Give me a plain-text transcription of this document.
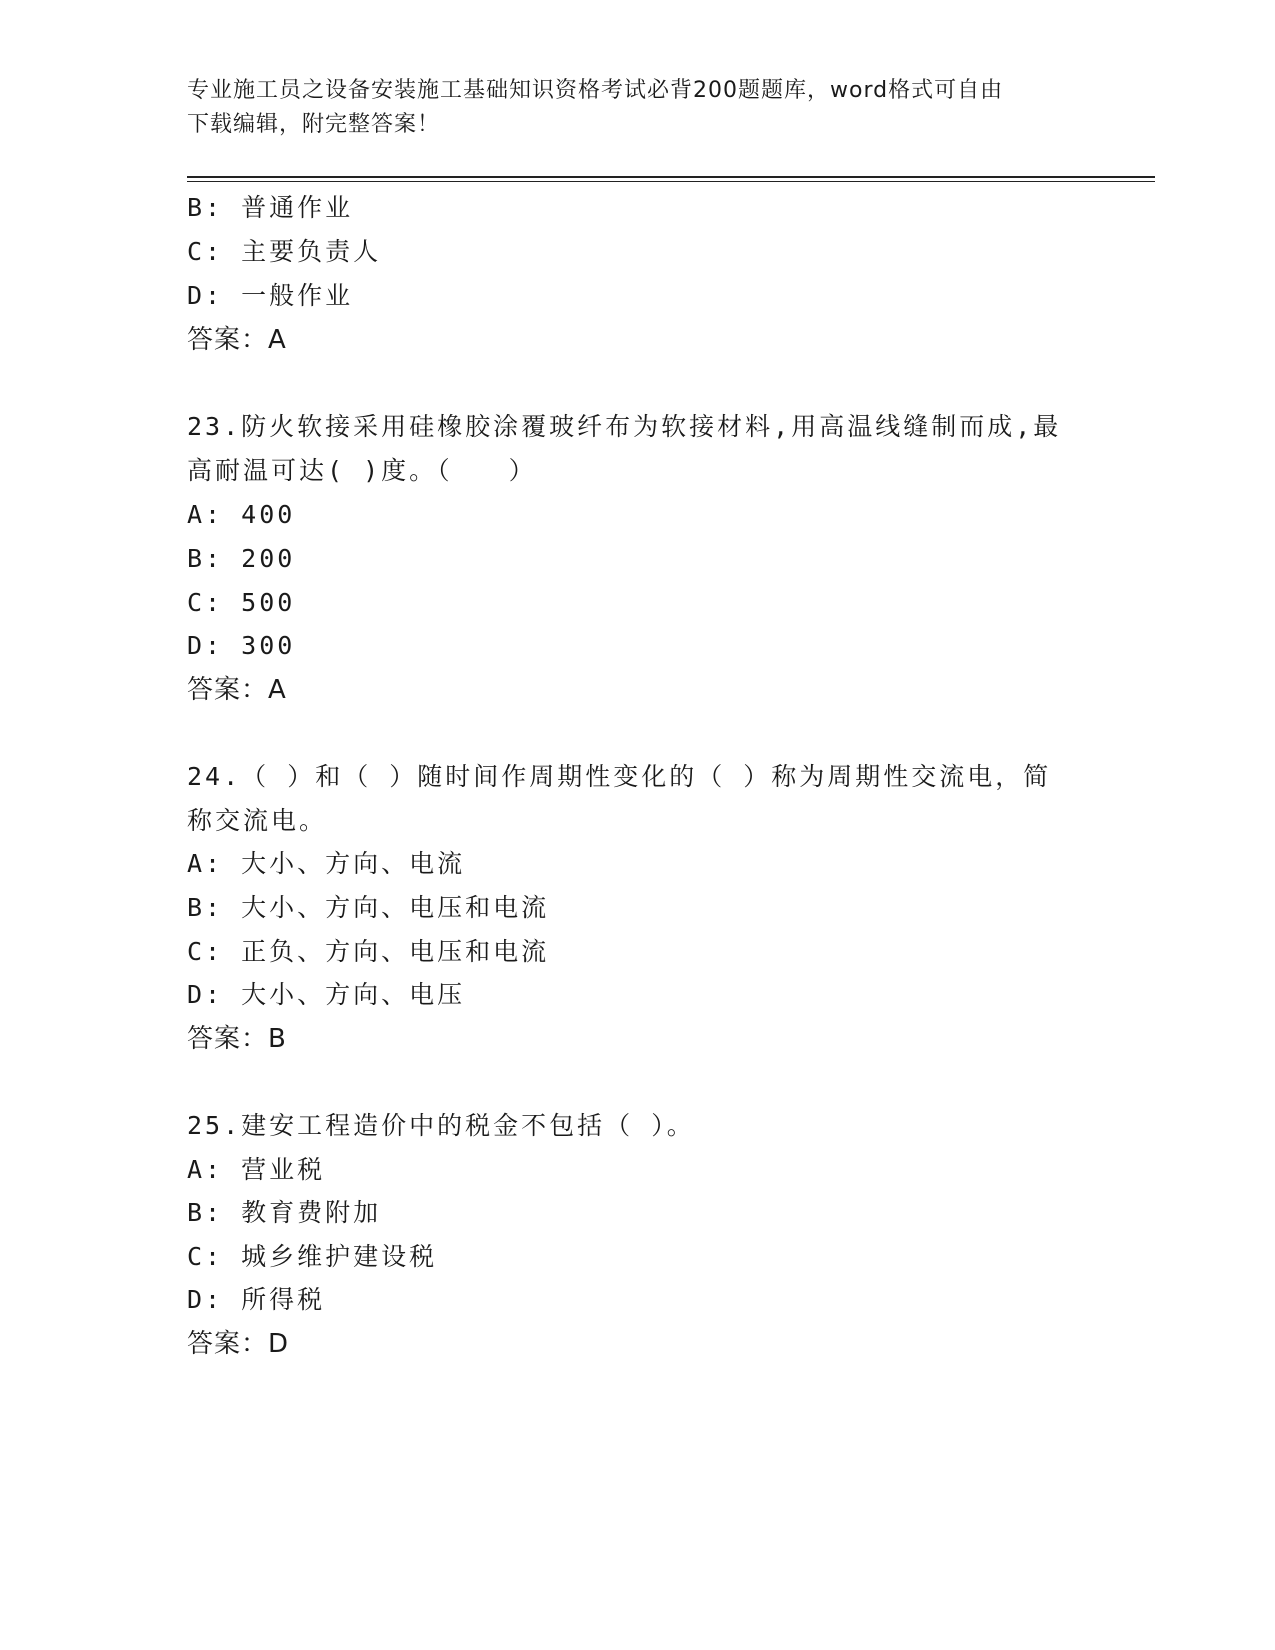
专业施工员之设备安装施工基础知识资格考试必背200题题库，word格式可自由
下载编辑，附完整答案！
B: 普通作业
C: 主要负责人
D: 一般作业
答案：A
23.防火软接采用硅橡胶涂覆玻纤布为软接材料,用高温线缝制而成,最
高耐温可达( )度。（　　）
A: 400
B: 200
C: 500
D: 300
答案：A
24.（ ）和（ ）随时间作周期性变化的（ ）称为周期性交流电，简
称交流电。
A: 大小、方向、电流
B: 大小、方向、电压和电流
C: 正负、方向、电压和电流
D: 大小、方向、电压
答案：B
25.建安工程造价中的税金不包括（ ）。
A: 营业税
B: 教育费附加
C: 城乡维护建设税
D: 所得税
答案：D
